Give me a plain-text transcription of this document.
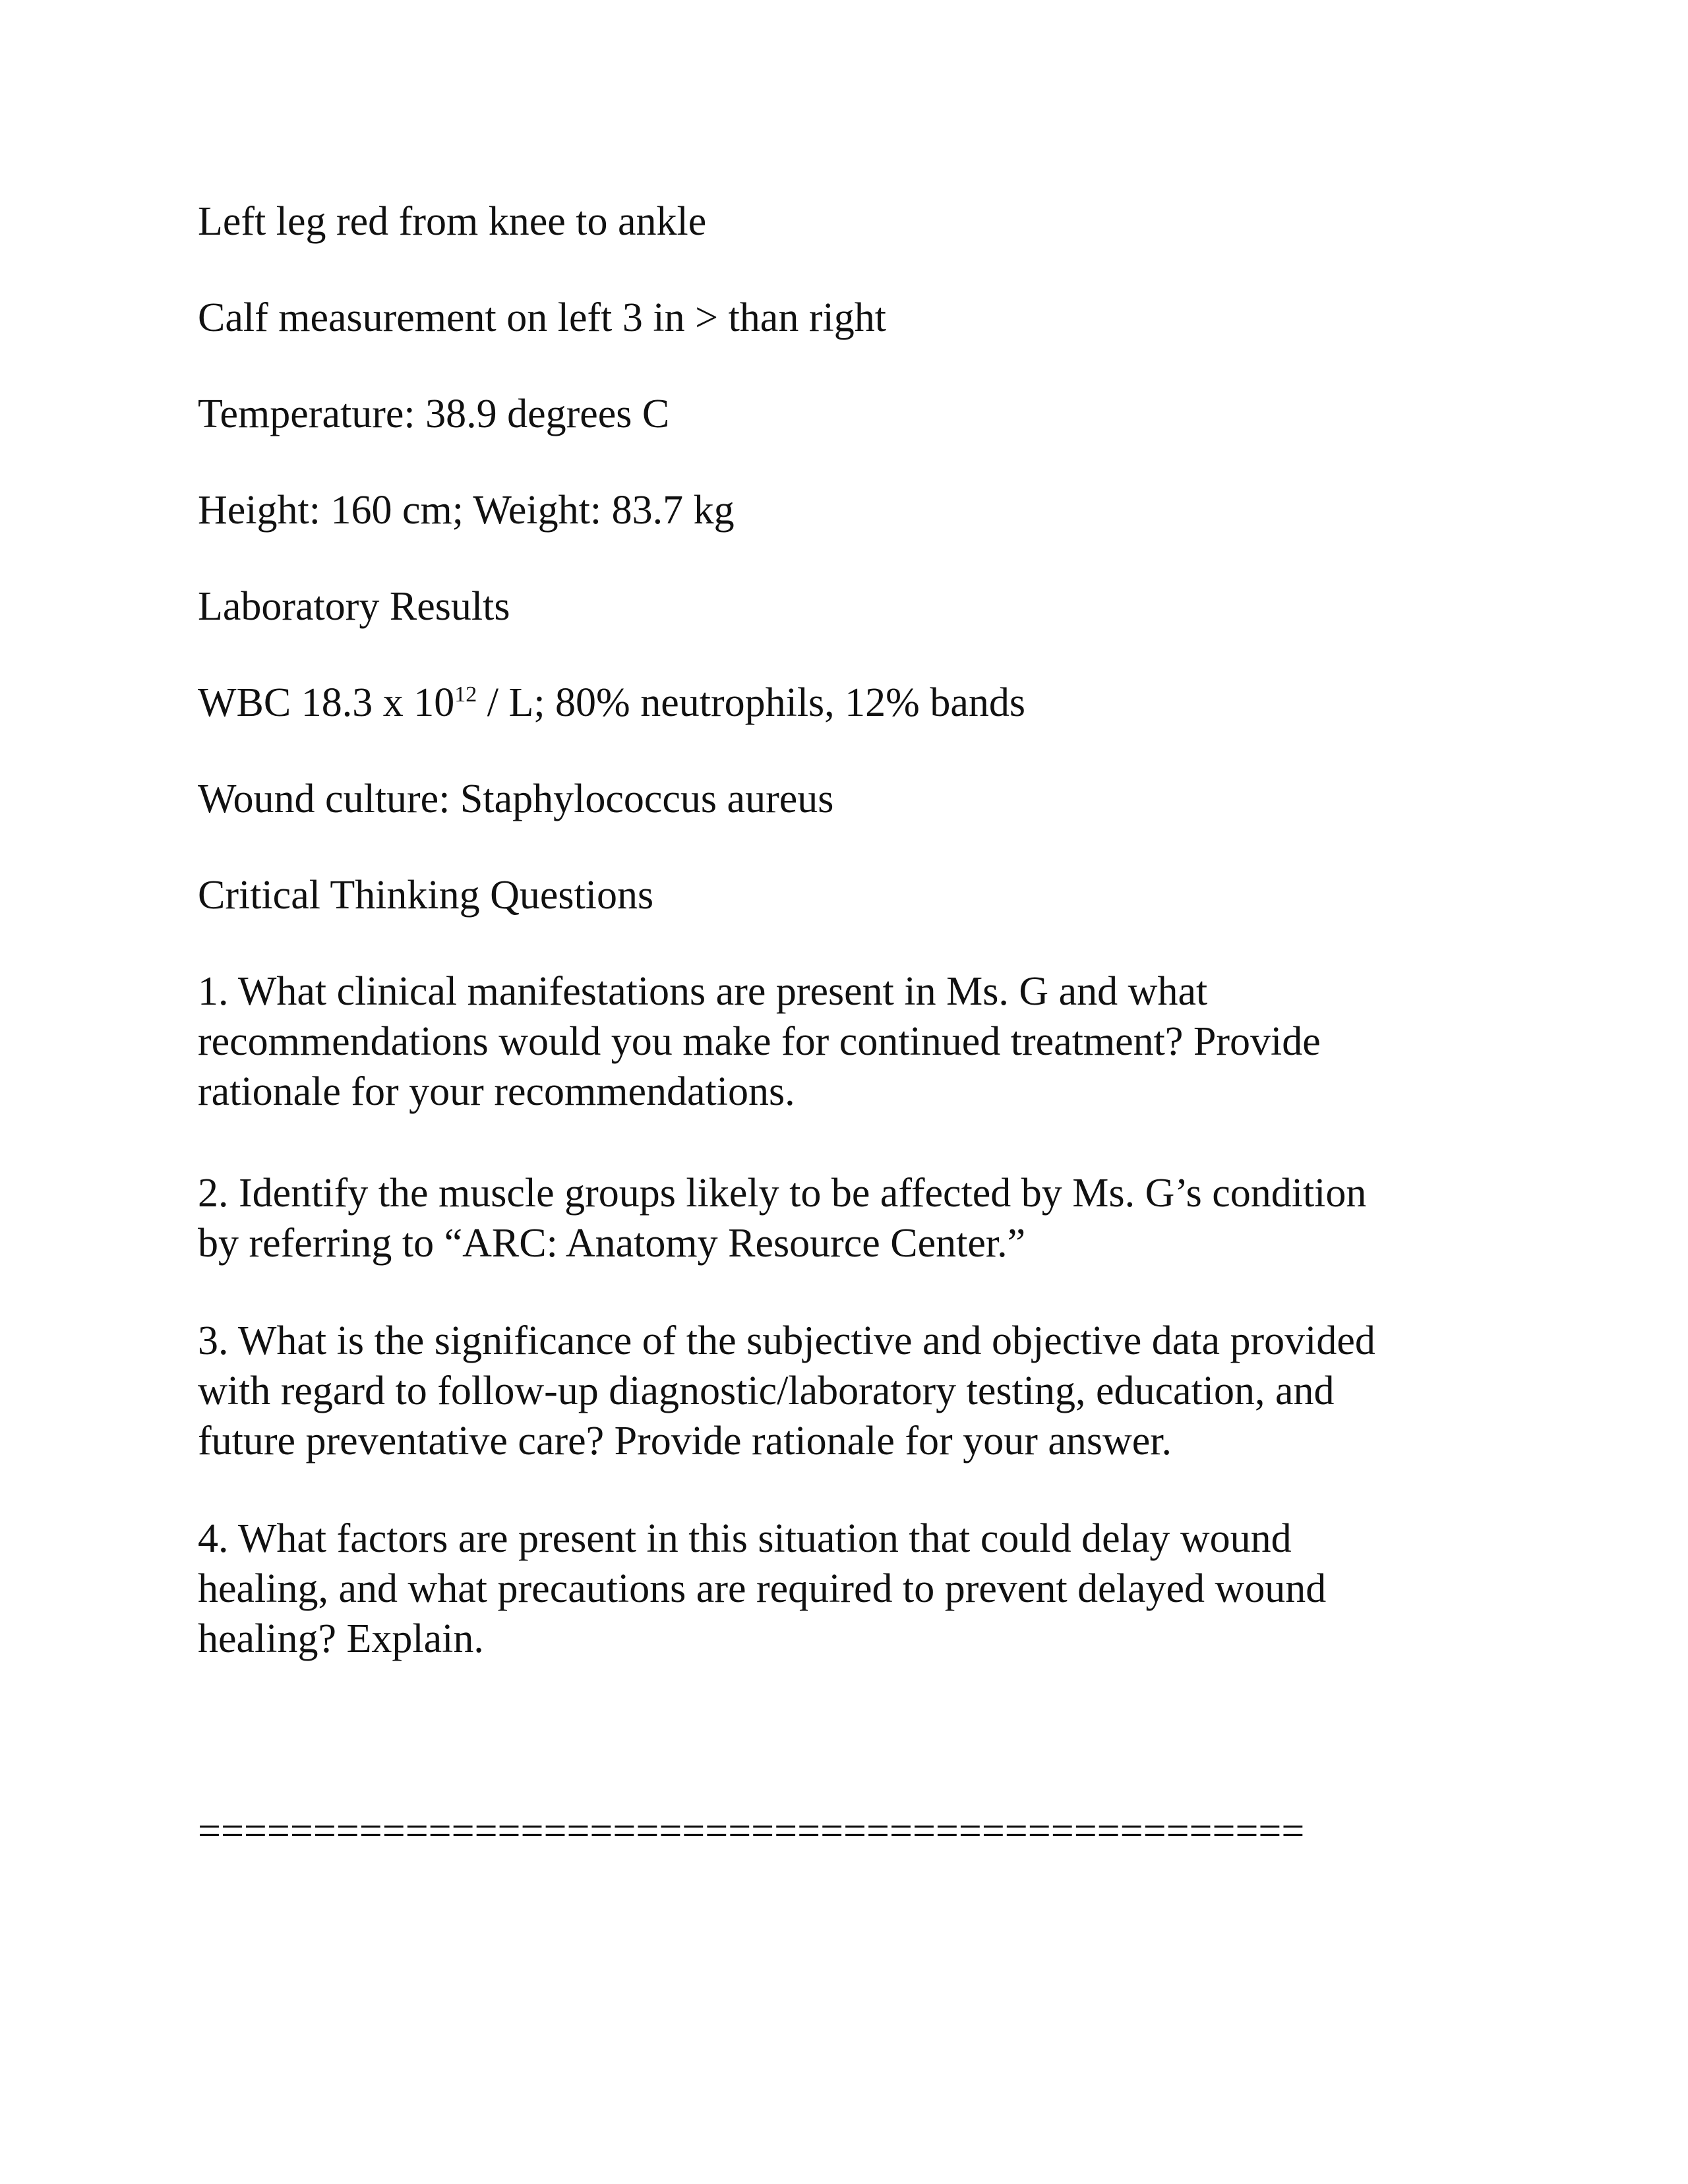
Left leg red from knee to ankle

Calf measurement on left 3 in > than right

Temperature: 38.9 degrees C

Height: 160 cm; Weight: 83.7 kg

Laboratory Results

WBC 18.3 x $10^{12}$ / L; 80% neutrophils, 12% bands

Wound culture: Staphylococcus aureus

Critical Thinking Questions

1. What clinical manifestations are present in Ms. G and what
recommendations would you make for continued treatment? Provide
rationale for your recommendations.
2. Identify the muscle groups likely to be affected by Ms. G’s condition
by referring to “ARC: Anatomy Resource Center.”
3. What is the significance of the subjective and objective data provided
with regard to follow-up diagnostic/laboratory testing, education, and
future preventative care? Provide rationale for your answer.
4. What factors are present in this situation that could delay wound
healing, and what precautions are required to prevent delayed wound
healing? Explain.
================================================
